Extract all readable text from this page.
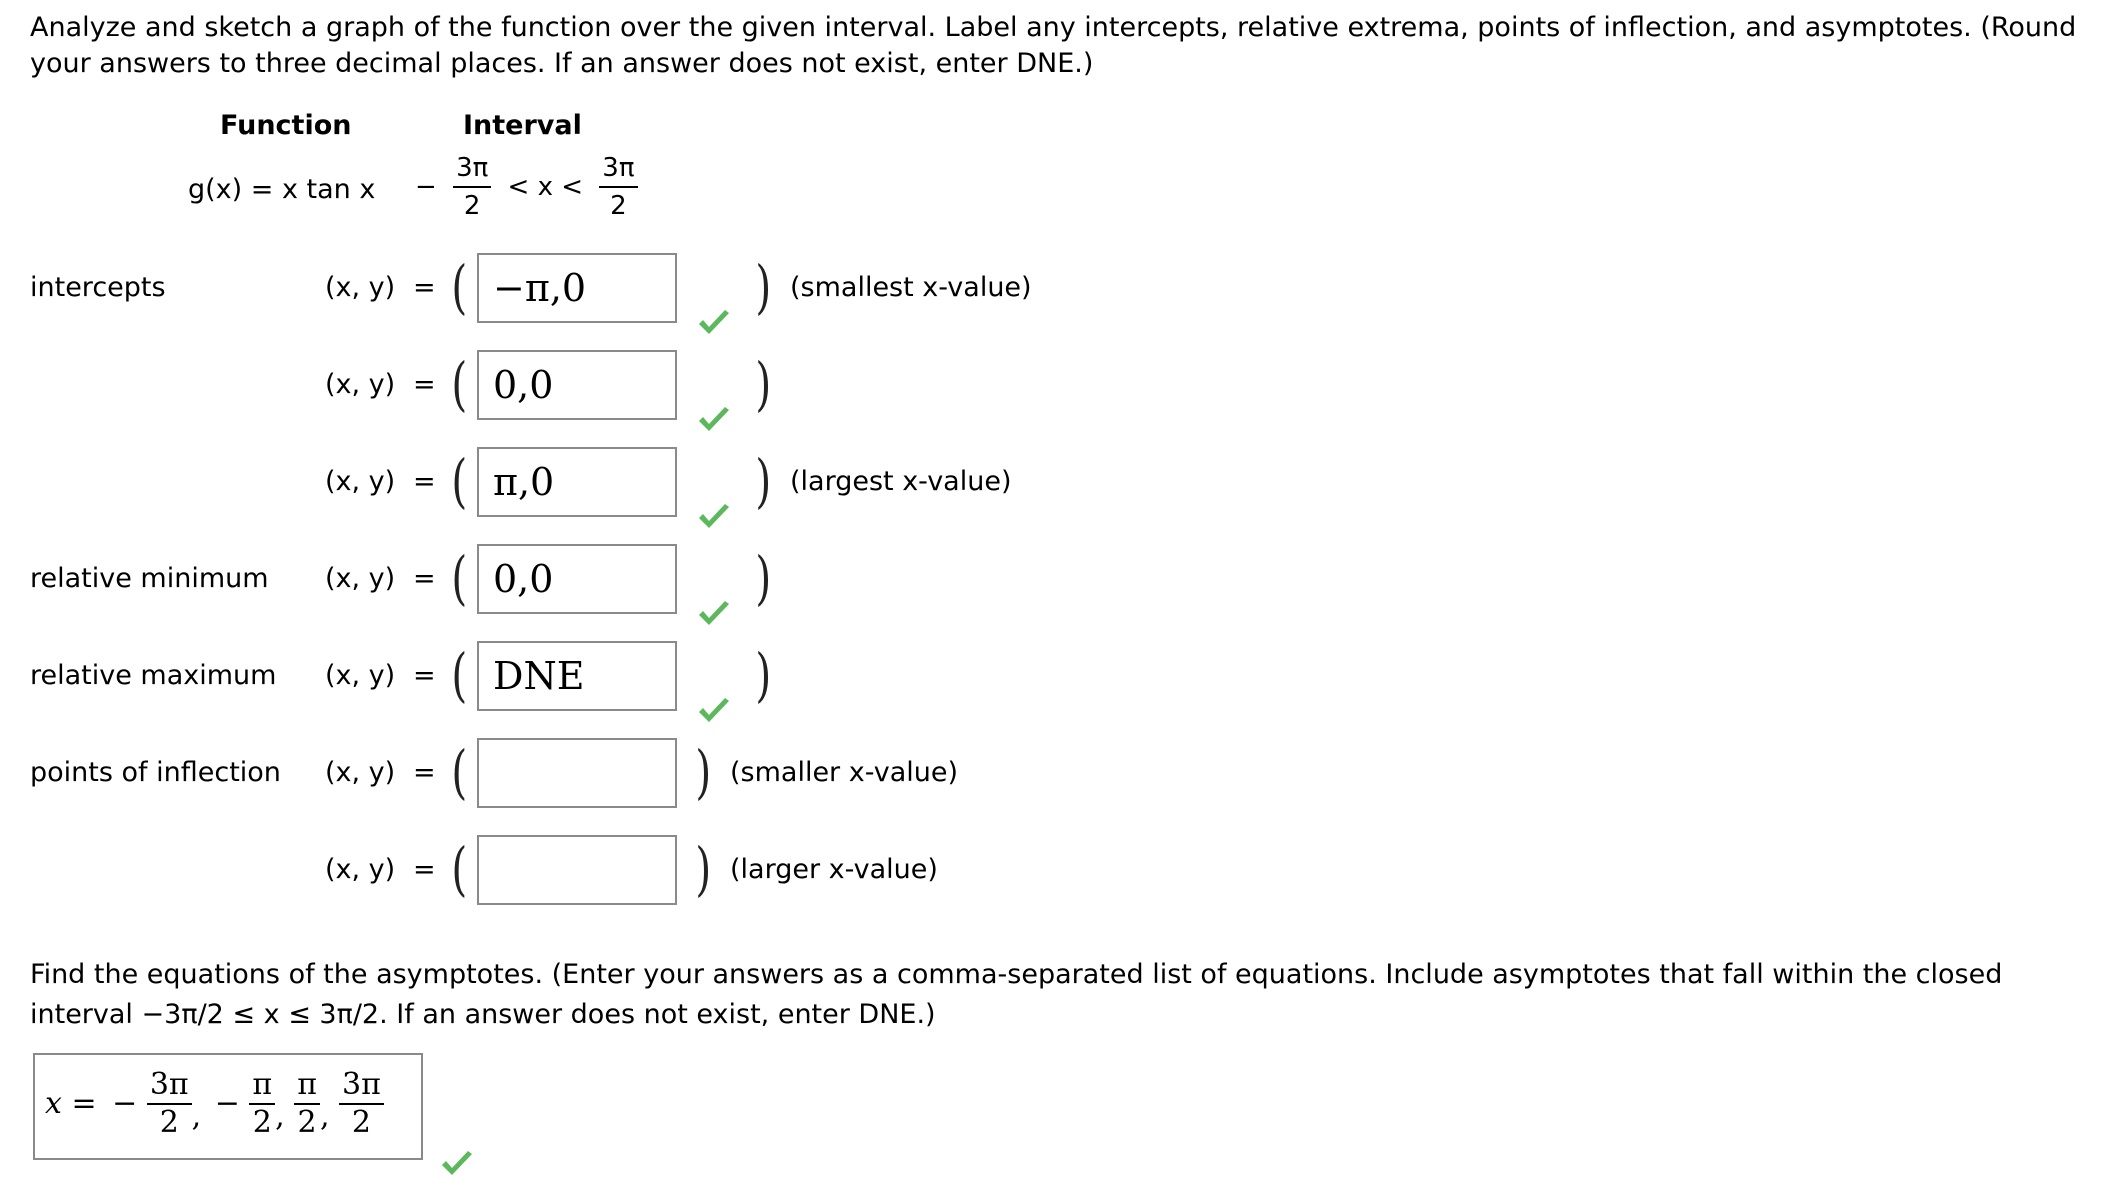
Analyze and sketch a graph of the function over the given interval. Label any intercepts, relative extrema, points of inflection, and asymptotes. (Round your answers to three decimal places. If an answer does not exist, enter DNE.)
Function	Interval
g(x) = x $\tan x - \frac{3\pi}{2} < x < \frac{3\pi}{2}$
intercepts	(x, y) = ( −π,0	) (smallest x-value)
(x, y) = ( 0,0	)
(x, y) = ( π,0	) (largest x-value)
relative minimum (x, y) = ( 0,0	)
relative maximum (x, y) = ( DNE	)
points of inflection (x, y) = (	) (smaller x-value)
(x, y) = (	) (larger x-value)
Find the equations of the asymptotes. (Enter your answers as a comma-separated list of equations. Include asymptotes that fall within the closed interval −3π/2 ≤ x ≤ 3π/2. If an answer does not exist, enter DNE.)
x = − $\frac{3\pi}{2}$ , − $\frac{\pi}{2}$ , $\frac{\pi}{2}$ , $\frac{3\pi}{2}$
